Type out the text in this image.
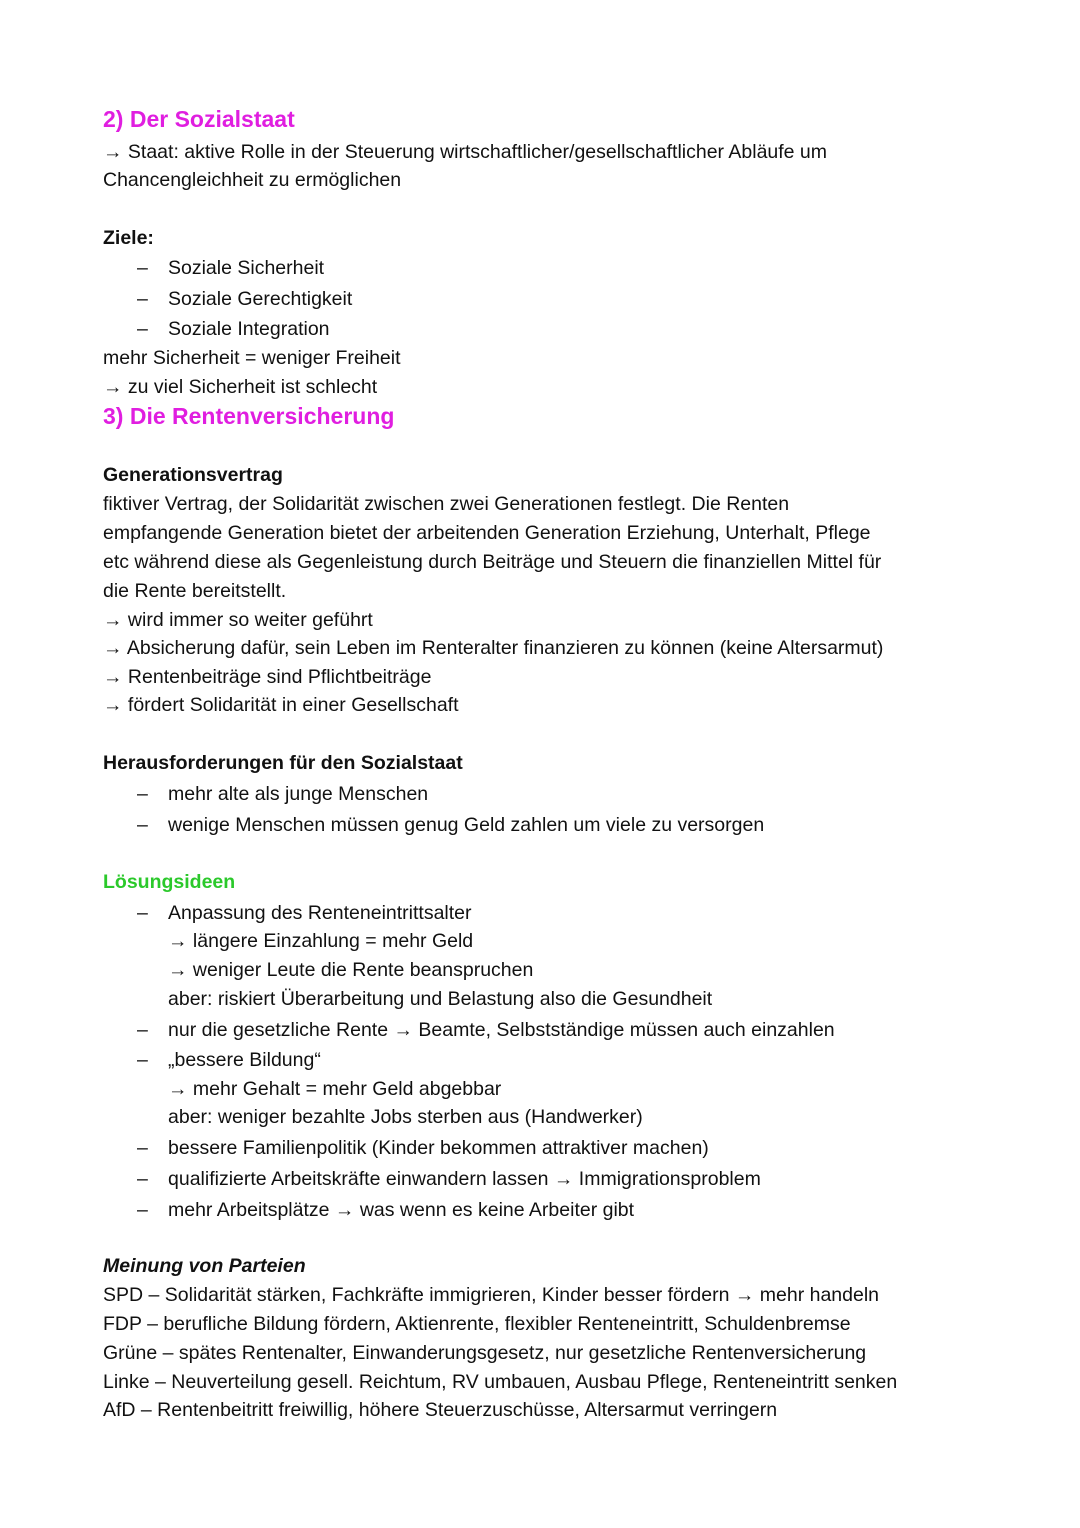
2) Der Sozialstaat
→ Staat: aktive Rolle in der Steuerung wirtschaftlicher/gesellschaftlicher Abläufe um
Chancengleichheit zu ermöglichen
Ziele:
– Soziale Sicherheit
– Soziale Gerechtigkeit
– Soziale Integration
mehr Sicherheit = weniger Freiheit
→ zu viel Sicherheit ist schlecht
3) Die Rentenversicherung
Generationsvertrag
fiktiver Vertrag, der Solidarität zwischen zwei Generationen festlegt. Die Renten
empfangende Generation bietet der arbeitenden Generation Erziehung, Unterhalt, Pflege
etc während diese als Gegenleistung durch Beiträge und Steuern die finanziellen Mittel für
die Rente bereitstellt.
→ wird immer so weiter geführt
→ Absicherung dafür, sein Leben im Renteralter finanzieren zu können (keine Altersarmut)
→ Rentenbeiträge sind Pflichtbeiträge
→ fördert Solidarität in einer Gesellschaft
Herausforderungen für den Sozialstaat
– mehr alte als junge Menschen
– wenige Menschen müssen genug Geld zahlen um viele zu versorgen
Lösungsideen
– Anpassung des Renteneintrittsalter
→ längere Einzahlung = mehr Geld
→ weniger Leute die Rente beanspruchen
aber: riskiert Überarbeitung und Belastung also die Gesundheit
– nur die gesetzliche Rente → Beamte, Selbstständige müssen auch einzahlen
– „bessere Bildung“
→ mehr Gehalt = mehr Geld abgebbar
aber: weniger bezahlte Jobs sterben aus (Handwerker)
– bessere Familienpolitik (Kinder bekommen attraktiver machen)
– qualifizierte Arbeitskräfte einwandern lassen → Immigrationsproblem
– mehr Arbeitsplätze → was wenn es keine Arbeiter gibt
Meinung von Parteien
SPD – Solidarität stärken, Fachkräfte immigrieren, Kinder besser fördern → mehr handeln
FDP – berufliche Bildung fördern, Aktienrente, flexibler Renteneintritt, Schuldenbremse
Grüne – spätes Rentenalter, Einwanderungsgesetz, nur gesetzliche Rentenversicherung
Linke – Neuverteilung gesell. Reichtum, RV umbauen, Ausbau Pflege, Renteneintritt senken
AfD – Rentenbeitritt freiwillig, höhere Steuerzuschüsse, Altersarmut verringern
